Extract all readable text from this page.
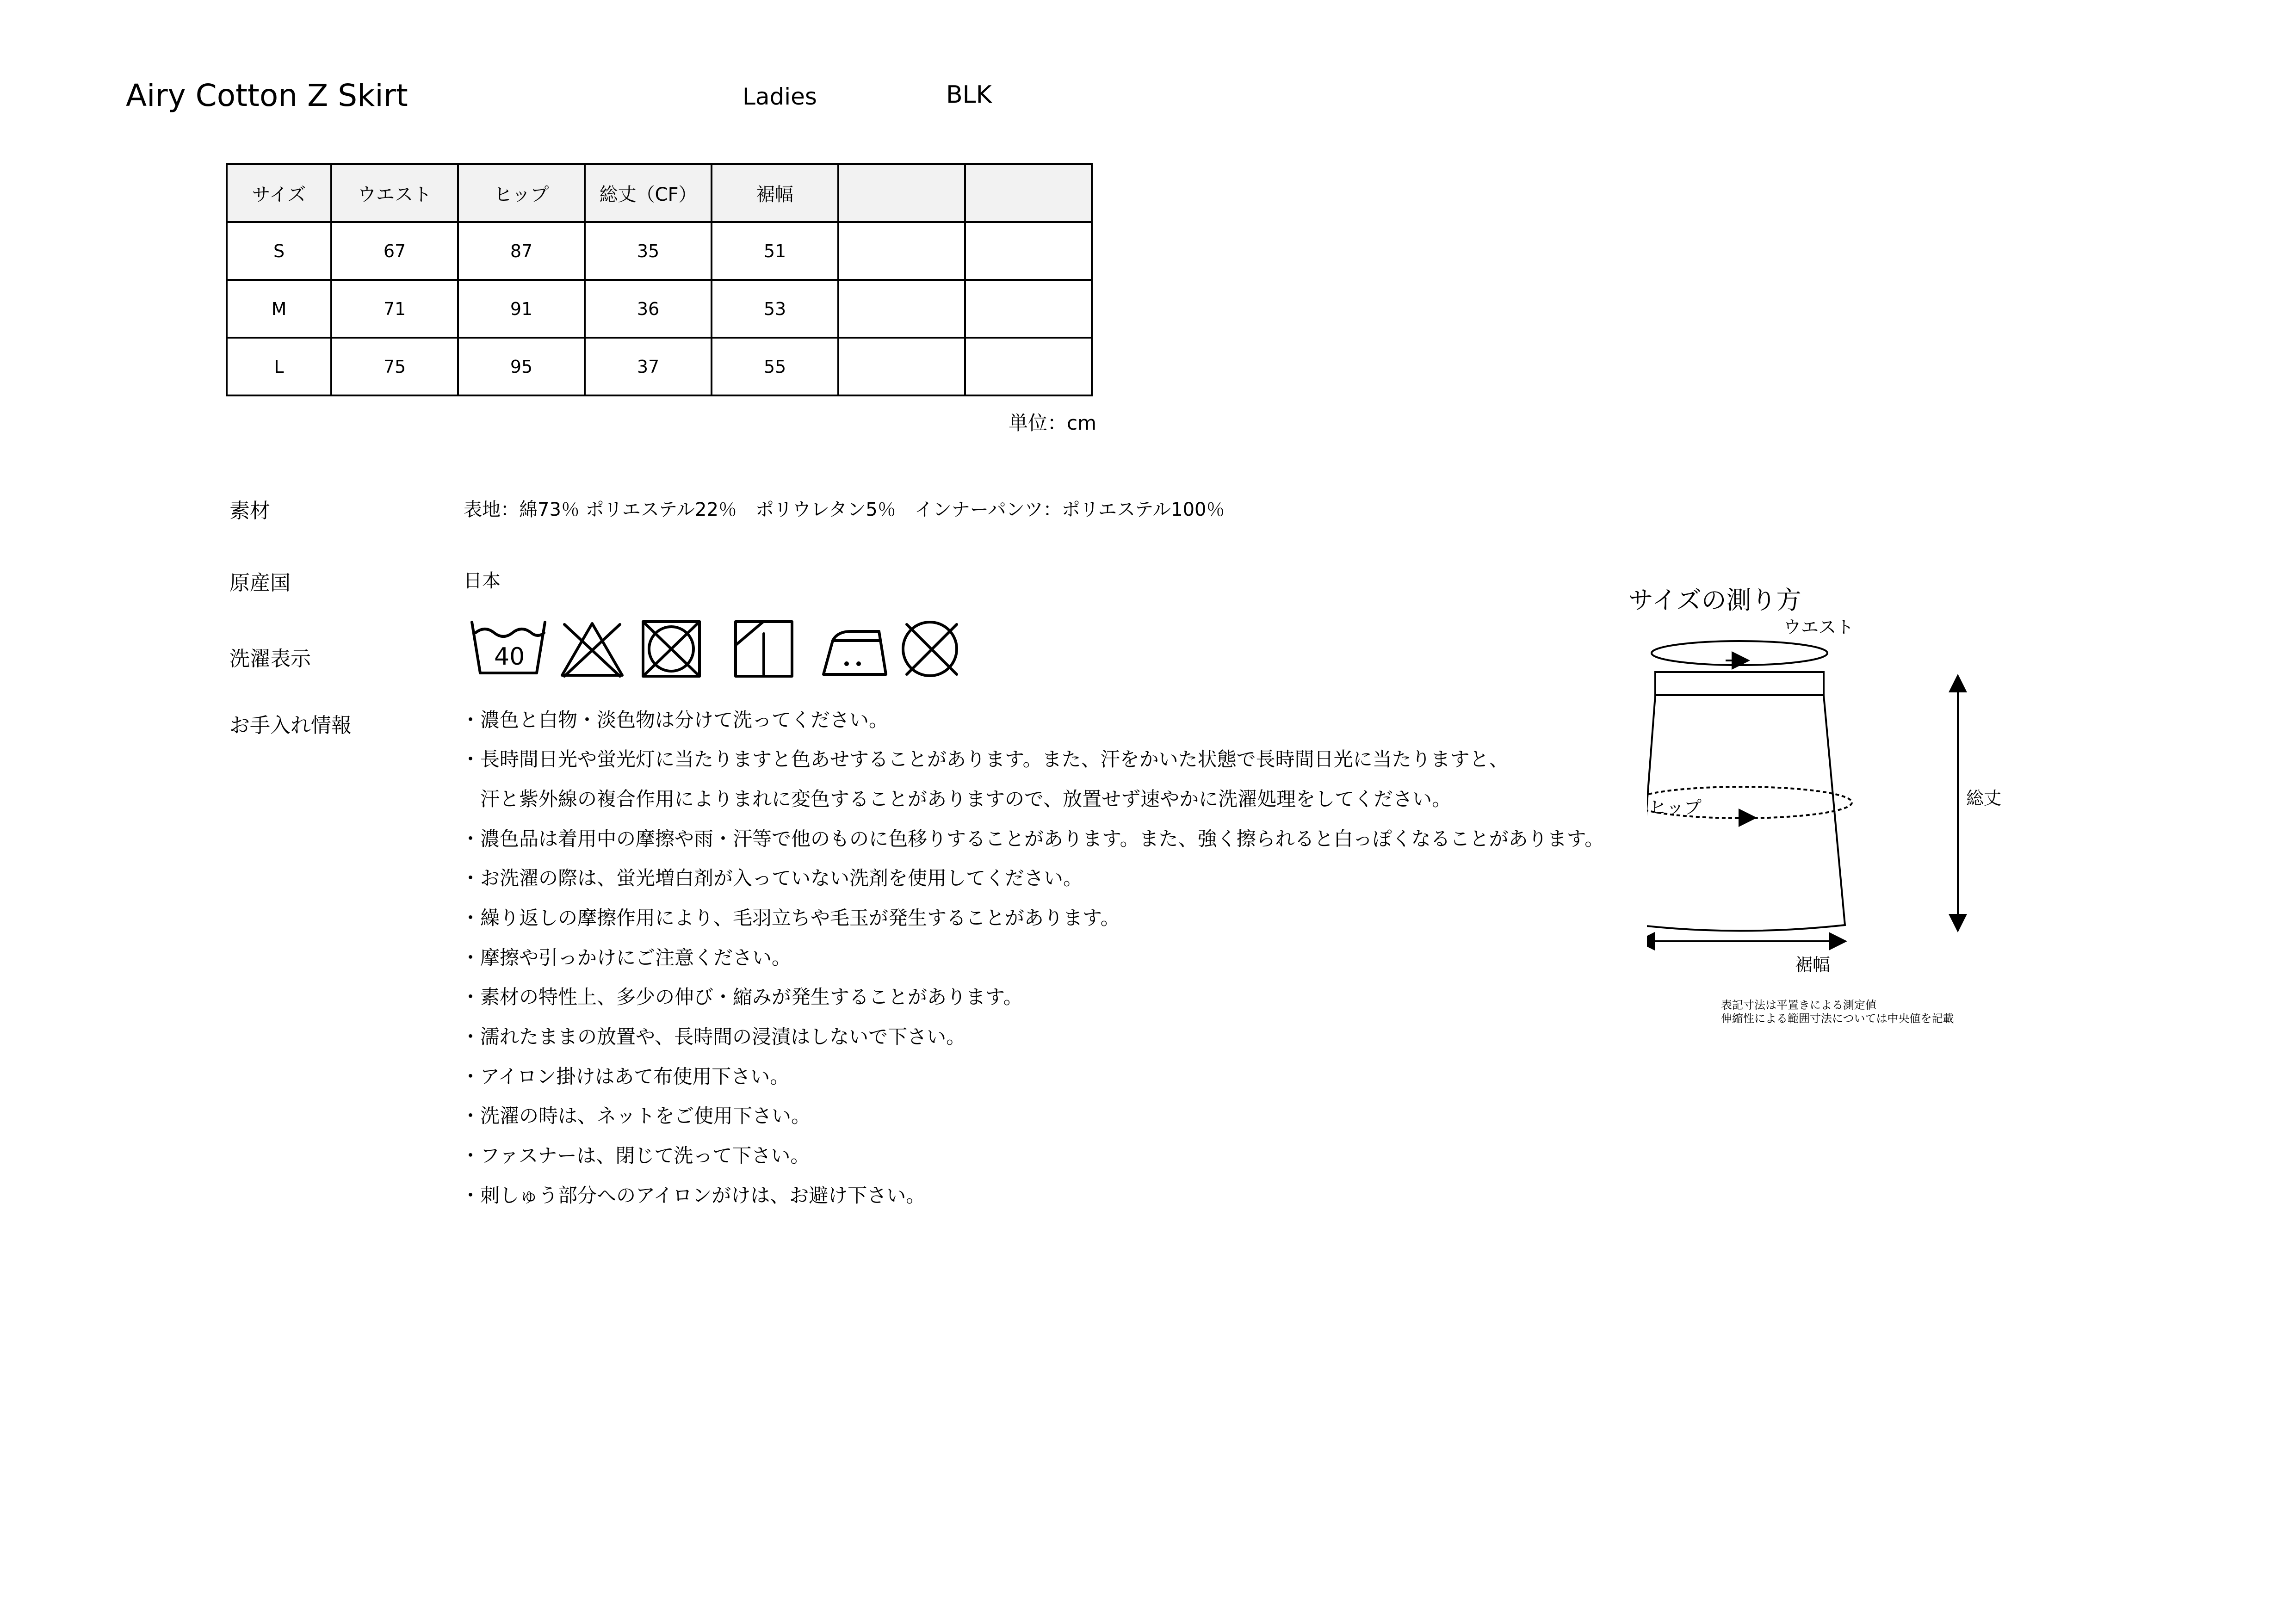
Airy Cotton Z Skirt	Ladies	BLK
サイズ	ウエスト	ヒップ	総丈（CF）	裾幅		
S	67	87	35	51		
M	71	91	36	53		
L	75	95	37	55		
単位：cm
素材	表地：綿73％ ポリエステル22％　ポリウレタン5％　インナーパンツ：ポリエステル100％
原産国	日本
洗濯表示	40
お手入れ情報	・濃色と白物・淡色物は分けて洗ってください。
・長時間日光や蛍光灯に当たりますと色あせすることがあります。また、汗をかいた状態で長時間日光に当たりますと、
　汗と紫外線の複合作用によりまれに変色することがありますので、放置せず速やかに洗濯処理をしてください。
・濃色品は着用中の摩擦や雨・汗等で他のものに色移りすることがあります。また、強く擦られると白っぽくなることがあります。
・お洗濯の際は、蛍光増白剤が入っていない洗剤を使用してください。
・繰り返しの摩擦作用により、毛羽立ちや毛玉が発生することがあります。
・摩擦や引っかけにご注意ください。
・素材の特性上、多少の伸び・縮みが発生することがあります。
・濡れたままの放置や、長時間の浸漬はしないで下さい。
・アイロン掛けはあて布使用下さい。
・洗濯の時は、ネットをご使用下さい。
・ファスナーは、閉じて洗って下さい。
・刺しゅう部分へのアイロンがけは、お避け下さい。
サイズの測り方
ウエスト
ヒップ	総丈
裾幅
表記寸法は平置きによる測定値
伸縮性による範囲寸法については中央値を記載
